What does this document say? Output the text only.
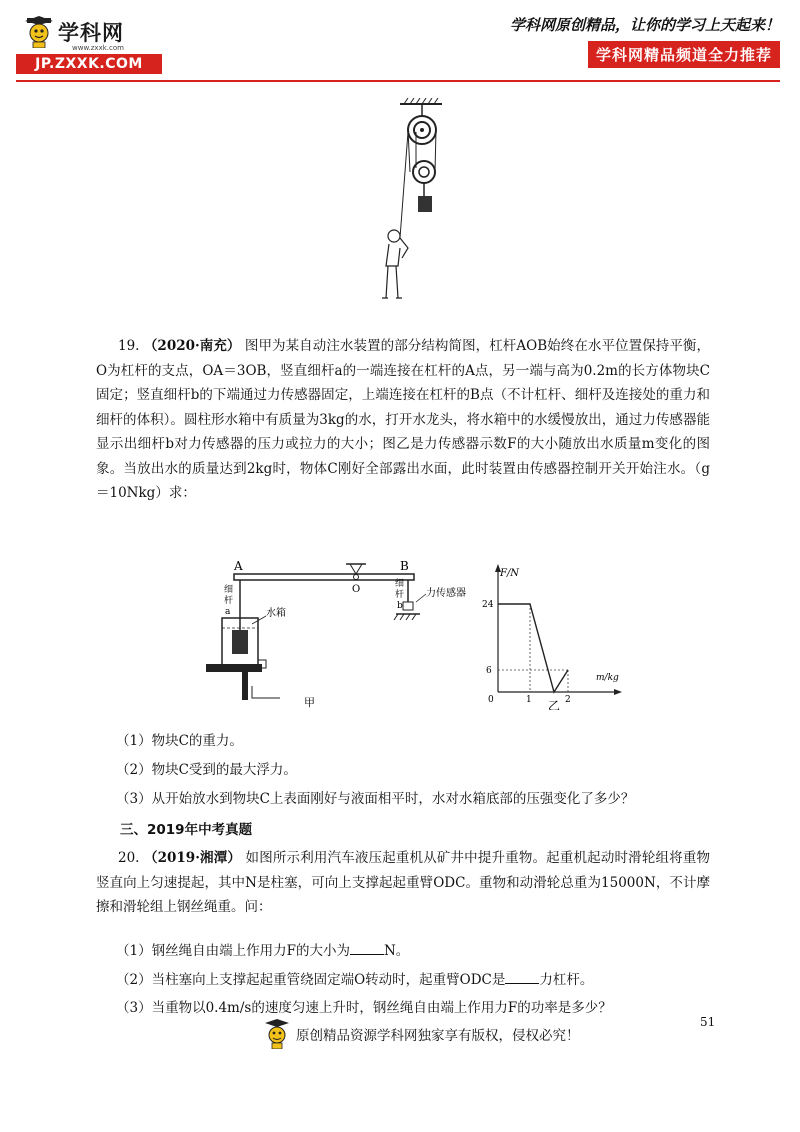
学科网
www.zxxk.com
JP.ZXXK.COM
学科网原创精品，让你的学习上天起来！
学科网精品频道全力推荐
19. （2020·南充） 图甲为某自动注水装置的部分结构简图，杠杆AOB始终在水平位置保持平衡，O为杠杆的支点，OA＝3OB，竖直细杆a的一端连接在杠杆的A点，另一端与高为0.2m的长方体物块C固定；竖直细杆b的下端通过力传感器固定，上端连接在杠杆的B点（不计杠杆、细杆及连接处的重力和细杆的体积）。圆柱形水箱中有质量为3kg的水，打开水龙头，将水箱中的水缓慢放出，通过力传感器能显示出细杆b对力传感器的压力或拉力的大小；图乙是力传感器示数F的大小随放出水质量m变化的图象。当放出水的质量达到2kg时，物体C刚好全部露出水面，此时装置由传感器控制开关开始注水。（g＝10Nkg）求：
A	B
O
细
杆
a
细
杆
b
力传感器
水箱
甲
F/N
m/kg
24
6
0	1	2
乙
（1）物块C的重力。
（2）物块C受到的最大浮力。
（3）从开始放水到物块C上表面刚好与液面相平时，水对水箱底部的压强变化了多少？
三、2019年中考真题
20. （2019·湘潭） 如图所示利用汽车液压起重机从矿井中提升重物。起重机起动时滑轮组将重物竖直向上匀速提起，其中N是柱塞，可向上支撑起起重臂ODC。重物和动滑轮总重为15000N，不计摩擦和滑轮组上钢丝绳重。问：
（1）钢丝绳自由端上作用力F的大小为	N。
（2）当柱塞向上支撑起起重管绕固定端O转动时，起重臂ODC是	力杠杆。
（3）当重物以0.4m/s的速度匀速上升时，钢丝绳自由端上作用力F的功率是多少？
51
原创精品资源学科网独家享有版权，侵权必究！
